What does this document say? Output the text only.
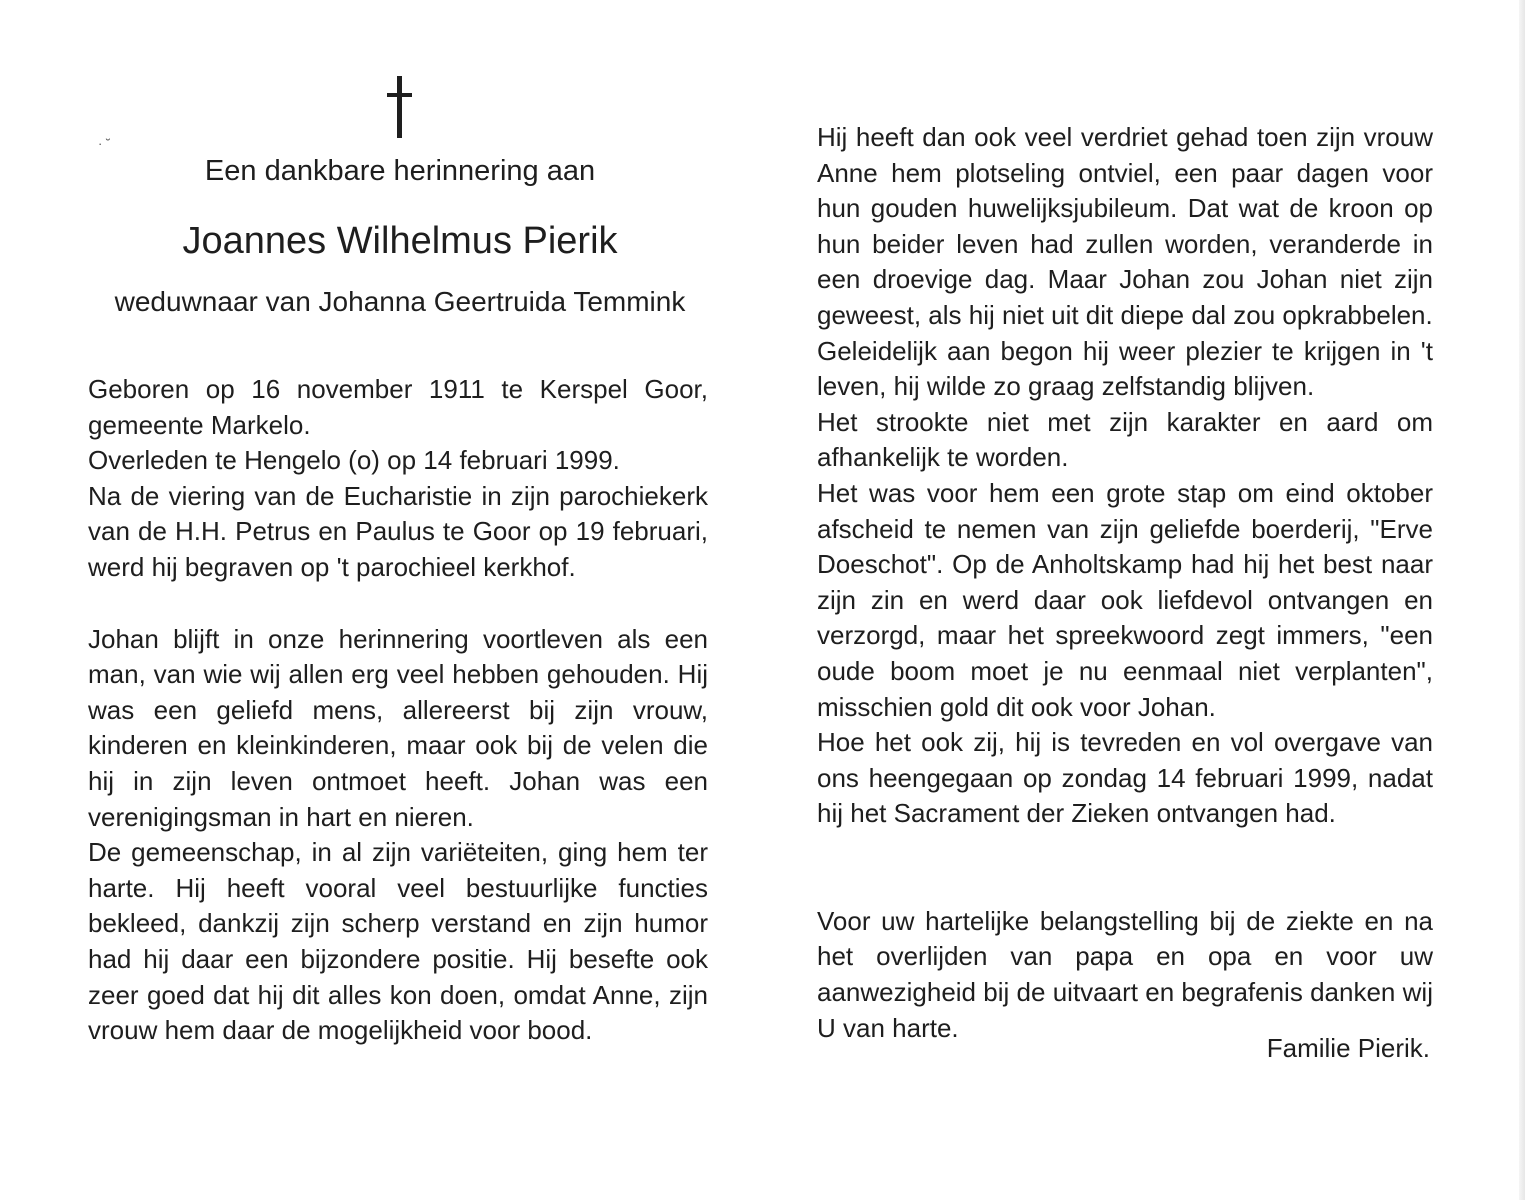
· ˘
Een dankbare herinnering aan
Joannes Wilhelmus Pierik
weduwnaar van Johanna Geertruida Temmink

Geboren op 16 november 1911 te Kerspel Goor, gemeente Markelo.

Overleden te Hengelo (o) op 14 februari 1999.

Na de viering van de Eucharistie in zijn parochiekerk van de H.H. Petrus en Paulus te Goor op 19 februari, werd hij begraven op 't parochieel kerkhof.

Johan blijft in onze herinnering voortleven als een man, van wie wij allen erg veel hebben gehouden. Hij was een geliefd mens, allereerst bij zijn vrouw, kinderen en kleinkinderen, maar ook bij de velen die hij in zijn leven ontmoet heeft. Johan was een verenigingsman in hart en nieren.

De gemeenschap, in al zijn variëteiten, ging hem ter harte. Hij heeft vooral veel bestuurlijke functies bekleed, dankzij zijn scherp verstand en zijn humor had hij daar een bijzondere positie. Hij besefte ook zeer goed dat hij dit alles kon doen, omdat Anne, zijn vrouw hem daar de mogelijkheid voor bood.

Hij heeft dan ook veel verdriet gehad toen zijn vrouw Anne hem plotseling ontviel, een paar dagen voor hun gouden huwelijksjubileum. Dat wat de kroon op hun beider leven had zullen worden, veranderde in een droevige dag. Maar Johan zou Johan niet zijn geweest, als hij niet uit dit diepe dal zou opkrabbelen.

Geleidelijk aan begon hij weer plezier te krijgen in 't leven, hij wilde zo graag zelfstandig blijven.

Het strookte niet met zijn karakter en aard om afhankelijk te worden.

Het was voor hem een grote stap om eind oktober afscheid te nemen van zijn geliefde boerderij, "Erve Doeschot". Op de Anholtskamp had hij het best naar zijn zin en werd daar ook liefdevol ontvangen en verzorgd, maar het spreekwoord zegt immers, "een oude boom moet je nu eenmaal niet verplanten", misschien gold dit ook voor Johan.

Hoe het ook zij, hij is tevreden en vol overgave van ons heengegaan op zondag 14 februari 1999, nadat hij het Sacrament der Zieken ontvangen had.

Voor uw hartelijke belangstelling bij de ziekte en na het overlijden van papa en opa en voor uw aanwezigheid bij de uitvaart en begrafenis danken wij U van harte.

Familie Pierik.
